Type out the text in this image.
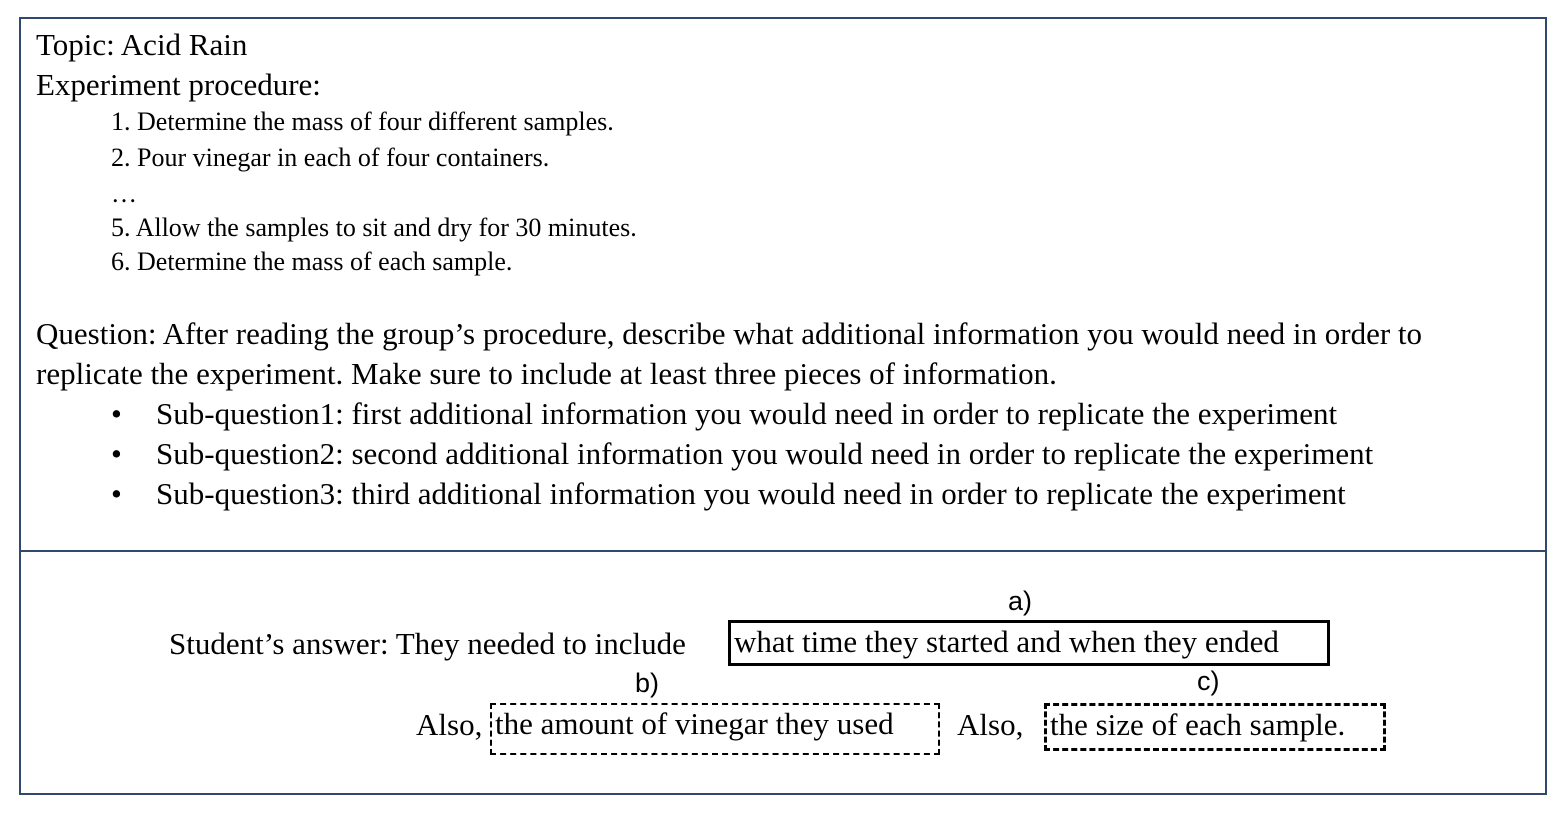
Topic: Acid Rain
Experiment procedure:
1. Determine the mass of four different samples.
2. Pour vinegar in each of four containers.
…
5. Allow the samples to sit and dry for 30 minutes.
6. Determine the mass of each sample.
Question: After reading the group’s procedure, describe what additional information you would need in order to
replicate the experiment. Make sure to include at least three pieces of information.
• Sub-question1: first additional information you would need in order to replicate the experiment
• Sub-question2: second additional information you would need in order to replicate the experiment
• Sub-question3: third additional information you would need in order to replicate the experiment
a)
Student’s answer: They needed to include what time they started and when they ended
b)	c)
Also, the amount of vinegar they used	Also, the size of each sample.
